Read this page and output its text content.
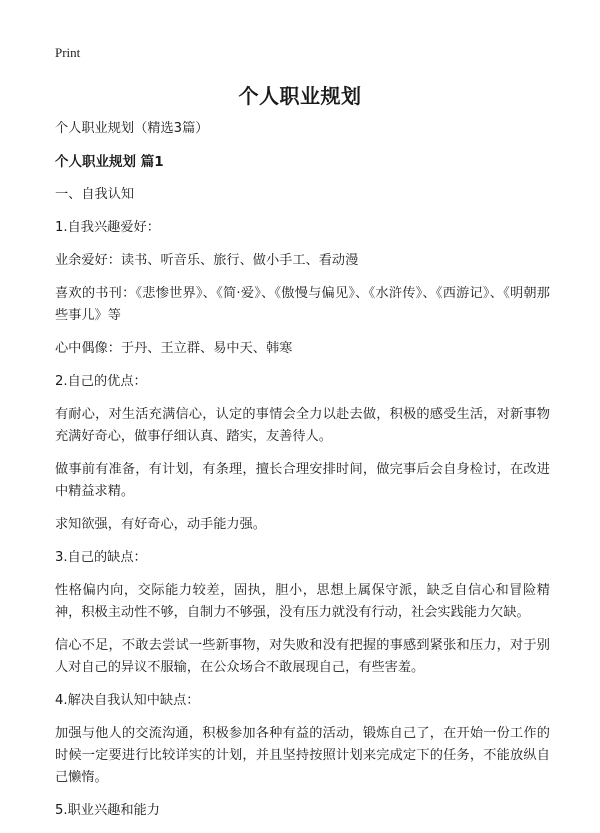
Print
个人职业规划

个人职业规划（精选3篇）

个人职业规划 篇1

一、自我认知

1.自我兴趣爱好：

业余爱好：读书、听音乐、旅行、做小手工、看动漫

喜欢的书刊：《悲惨世界》、《简·爱》、《傲慢与偏见》、《水浒传》、《西游记》、《明朝那些事儿》等

心中偶像：于丹、王立群、易中天、韩寒

2.自己的优点：

有耐心，对生活充满信心，认定的事情会全力以赴去做，积极的感受生活，对新事物充满好奇心，做事仔细认真、踏实，友善待人。

做事前有准备，有计划，有条理，擅长合理安排时间，做完事后会自身检讨，在改进中精益求精。

求知欲强，有好奇心，动手能力强。

3.自己的缺点：

性格偏内向，交际能力较差，固执，胆小，思想上属保守派，缺乏自信心和冒险精神，积极主动性不够，自制力不够强，没有压力就没有行动，社会实践能力欠缺。

信心不足，不敢去尝试一些新事物，对失败和没有把握的事感到紧张和压力，对于别人对自己的异议不服输，在公众场合不敢展现自己，有些害羞。

4.解决自我认知中缺点：

加强与他人的交流沟通，积极参加各种有益的活动，锻炼自己了，在开始一份工作的时候一定要进行比较详实的计划，并且坚持按照计划来完成定下的任务，不能放纵自己懒惰。

5.职业兴趣和能力
